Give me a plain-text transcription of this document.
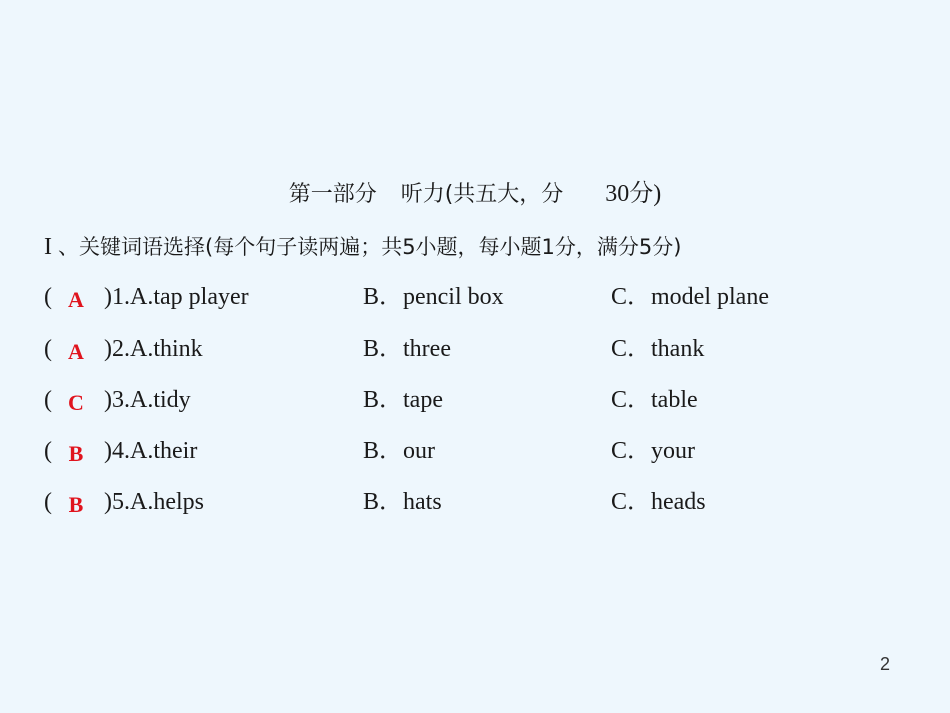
第一部分 听力(共五大，分 30分)
I 、关键词语选择(每个句子读两遍；共5小题，每小题1分，满分5分)
( A )1.A.tap player	B．pencil box	C．model plane
( A )2.A.think	B．three	C．thank
( C )3.A.tidy	B．tape	C．table
( B )4.A.their	B．our	C．your
( B )5.A.helps	B．hats	C．heads
2
